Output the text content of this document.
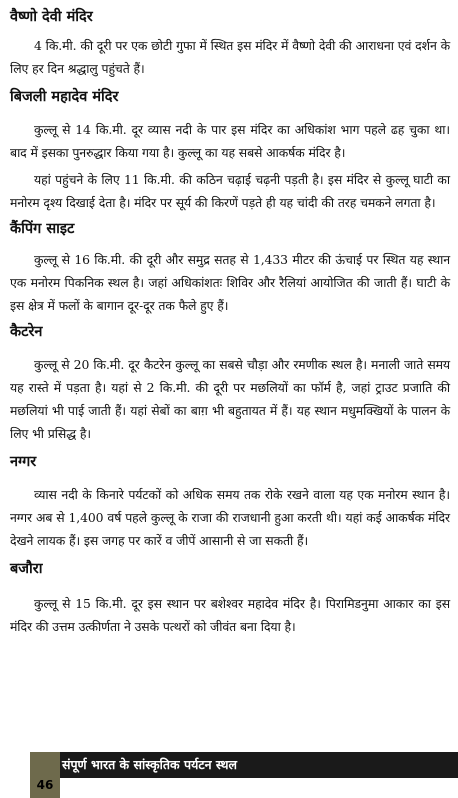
वैष्णो देवी मंदिर

4 कि.मी. की दूरी पर एक छोटी गुफा में स्थित इस मंदिर में वैष्णो देवी की आराधना एवं दर्शन के लिए हर दिन श्रद्धालु पहुंचते हैं।

बिजली महादेव मंदिर

कुल्लू से 14 कि.मी. दूर व्यास नदी के पार इस मंदिर का अधिकांश भाग पहले ढह चुका था। बाद में इसका पुनरुद्धार किया गया है। कुल्लू का यह सबसे आकर्षक मंदिर है।

यहां पहुंचने के लिए 11 कि.मी. की कठिन चढ़ाई चढ़नी पड़ती है। इस मंदिर से कुल्लू घाटी का मनोरम दृश्य दिखाई देता है। मंदिर पर सूर्य की किरणें पड़ते ही यह चांदी की तरह चमकने लगता है।

कैंपिंग साइट

कुल्लू से 16 कि.मी. की दूरी और समुद्र सतह से 1,433 मीटर की ऊंचाई पर स्थित यह स्थान एक मनोरम पिकनिक स्थल है। जहां अधिकांशतः शिविर और रैलियां आयोजित की जाती हैं। घाटी के इस क्षेत्र में फलों के बागान दूर-दूर तक फैले हुए हैं।

कैटरेन

कुल्लू से 20 कि.मी. दूर कैटरेन कुल्लू का सबसे चौड़ा और रमणीक स्थल है। मनाली जाते समय यह रास्ते में पड़ता है। यहां से 2 कि.मी. की दूरी पर मछलियों का फॉर्म है, जहां ट्राउट प्रजाति की मछलियां भी पाई जाती हैं। यहां सेबों का बाग़ भी बहुतायत में हैं। यह स्थान मधुमक्खियों के पालन के लिए भी प्रसिद्ध है।

नग्गर

व्यास नदी के किनारे पर्यटकों को अधिक समय तक रोके रखने वाला यह एक मनोरम स्थान है। नग्गर अब से 1,400 वर्ष पहले कुल्लू के राजा की राजधानी हुआ करती थी। यहां कई आकर्षक मंदिर देखने लायक हैं। इस जगह पर कारें व जीपें आसानी से जा सकती हैं।

बजौरा

कुल्लू से 15 कि.मी. दूर इस स्थान पर बशेश्वर महादेव मंदिर है। पिरामिडनुमा आकार का इस मंदिर की उत्तम उत्कीर्णता ने उसके पत्थरों को जीवंत बना दिया है।

संपूर्ण भारत के सांस्कृतिक पर्यटन स्थल
46
